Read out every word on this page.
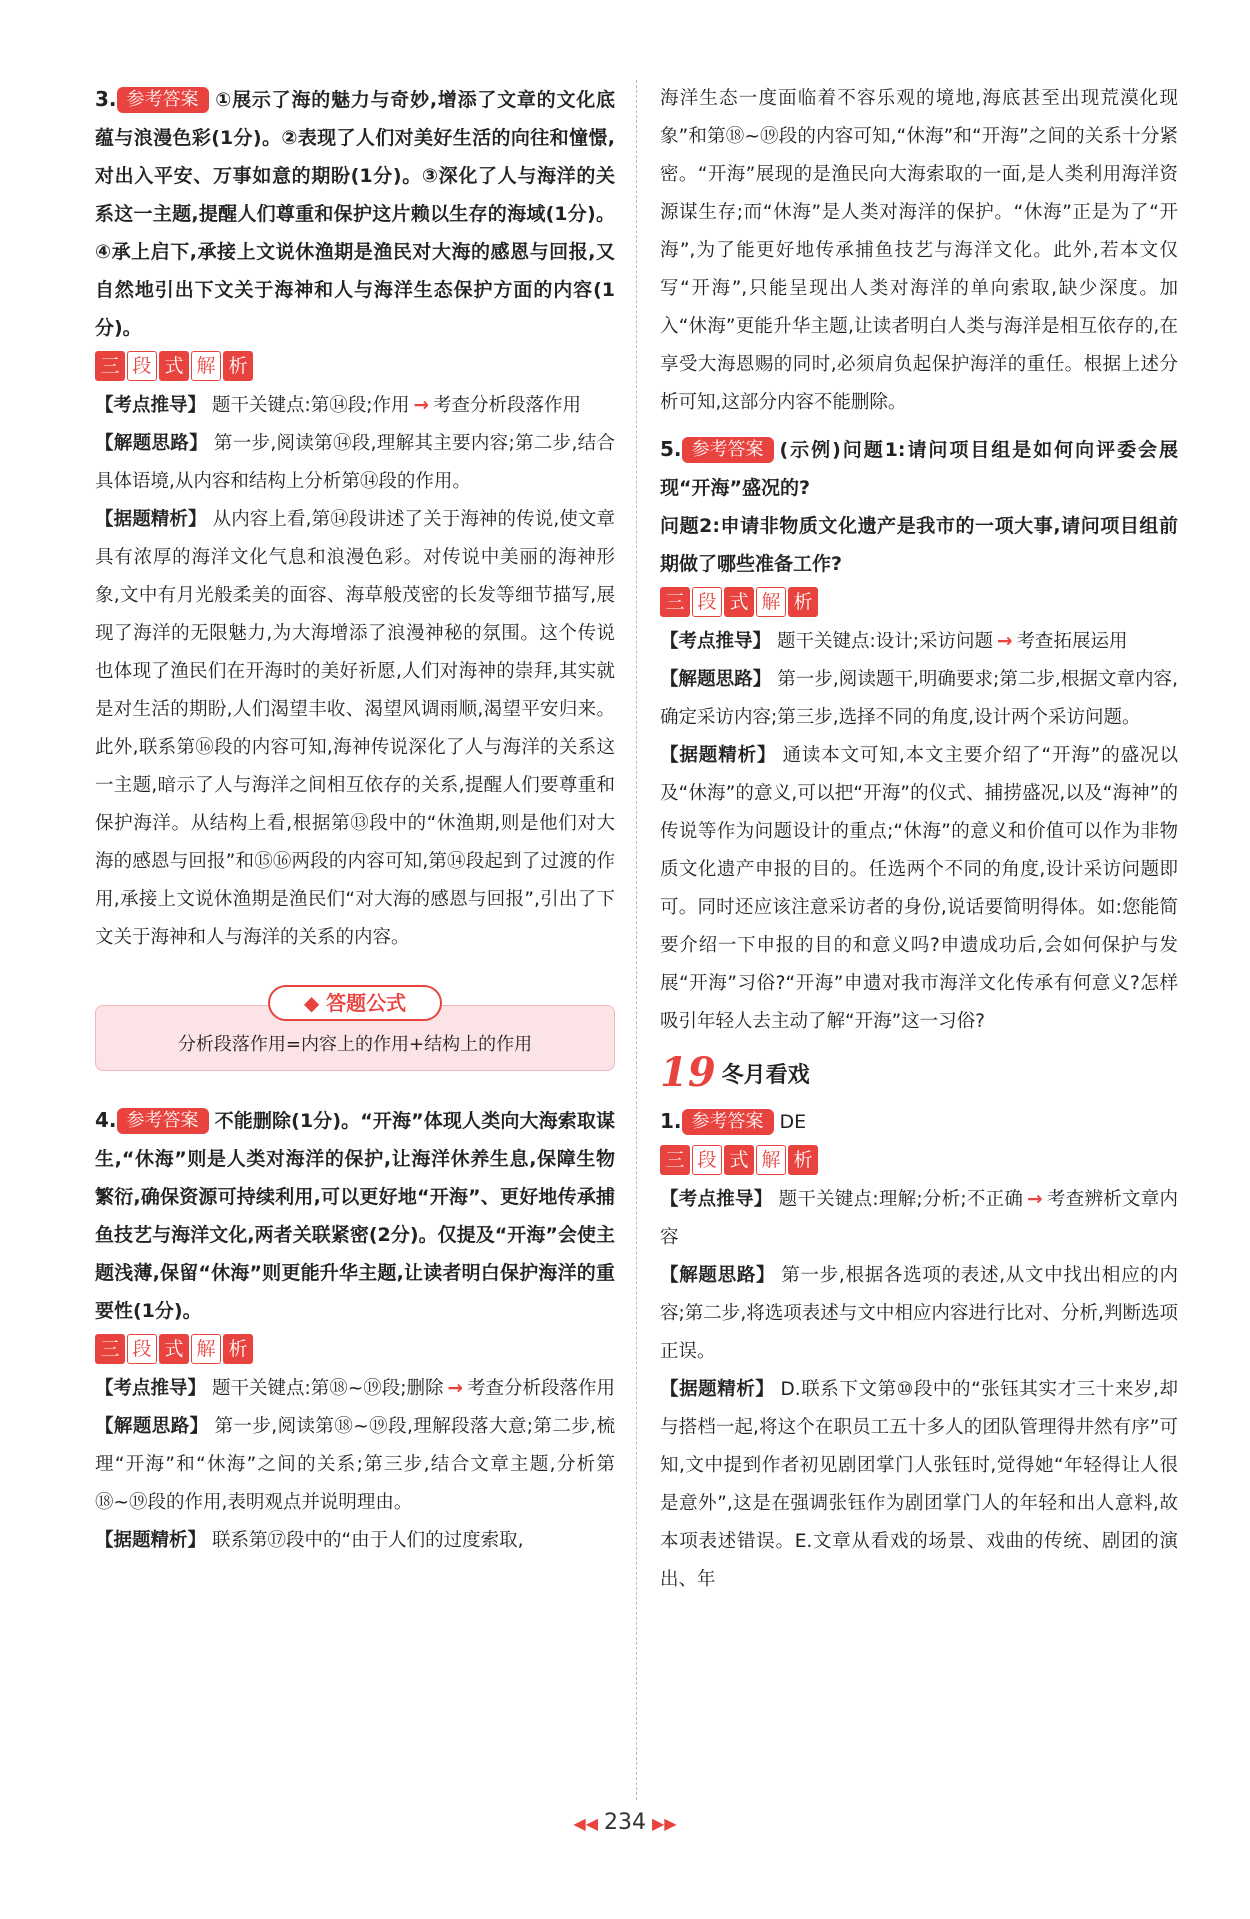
3. 参考答案 ①展示了海的魅力与奇妙,增添了文章的文化底蕴与浪漫色彩(1分)。②表现了人们对美好生活的向往和憧憬,对出入平安、万事如意的期盼(1分)。③深化了人与海洋的关系这一主题,提醒人们尊重和保护这片赖以生存的海域(1分)。④承上启下,承接上文说休渔期是渔民对大海的感恩与回报,又自然地引出下文关于海神和人与海洋生态保护方面的内容(1分)。

三 段 式 解 析

【考点推导】 题干关键点:第⑭段;作用 → 考查分析段落作用

【解题思路】 第一步,阅读第⑭段,理解其主要内容;第二步,结合具体语境,从内容和结构上分析第⑭段的作用。

【据题精析】 从内容上看,第⑭段讲述了关于海神的传说,使文章具有浓厚的海洋文化气息和浪漫色彩。对传说中美丽的海神形象,文中有月光般柔美的面容、海草般茂密的长发等细节描写,展现了海洋的无限魅力,为大海增添了浪漫神秘的氛围。这个传说也体现了渔民们在开海时的美好祈愿,人们对海神的崇拜,其实就是对生活的期盼,人们渴望丰收、渴望风调雨顺,渴望平安归来。此外,联系第⑯段的内容可知,海神传说深化了人与海洋的关系这一主题,暗示了人与海洋之间相互依存的关系,提醒人们要尊重和保护海洋。从结构上看,根据第⑬段中的“休渔期,则是他们对大海的感恩与回报”和⑮⑯两段的内容可知,第⑭段起到了过渡的作用,承接上文说休渔期是渔民们“对大海的感恩与回报”,引出了下文关于海神和人与海洋的关系的内容。

◆ 答题公式
分析段落作用=内容上的作用+结构上的作用

4. 参考答案 不能删除(1分)。“开海”体现人类向大海索取谋生,“休海”则是人类对海洋的保护,让海洋休养生息,保障生物繁衍,确保资源可持续利用,可以更好地“开海”、更好地传承捕鱼技艺与海洋文化,两者关联紧密(2分)。仅提及“开海”会使主题浅薄,保留“休海”则更能升华主题,让读者明白保护海洋的重要性(1分)。

三 段 式 解 析

【考点推导】 题干关键点:第⑱~⑲段;删除 → 考查分析段落作用

【解题思路】 第一步,阅读第⑱~⑲段,理解段落大意;第二步,梳理“开海”和“休海”之间的关系;第三步,结合文章主题,分析第⑱~⑲段的作用,表明观点并说明理由。

【据题精析】 联系第⑰段中的“由于人们的过度索取,

海洋生态一度面临着不容乐观的境地,海底甚至出现荒漠化现象”和第⑱~⑲段的内容可知,“休海”和“开海”之间的关系十分紧密。“开海”展现的是渔民向大海索取的一面,是人类利用海洋资源谋生存;而“休海”是人类对海洋的保护。“休海”正是为了“开海”,为了能更好地传承捕鱼技艺与海洋文化。此外,若本文仅写“开海”,只能呈现出人类对海洋的单向索取,缺少深度。加入“休海”更能升华主题,让读者明白人类与海洋是相互依存的,在享受大海恩赐的同时,必须肩负起保护海洋的重任。根据上述分析可知,这部分内容不能删除。

5. 参考答案 (示例)问题1:请问项目组是如何向评委会展现“开海”盛况的?

问题2:申请非物质文化遗产是我市的一项大事,请问项目组前期做了哪些准备工作?

三 段 式 解 析

【考点推导】 题干关键点:设计;采访问题 → 考查拓展运用

【解题思路】 第一步,阅读题干,明确要求;第二步,根据文章内容,确定采访内容;第三步,选择不同的角度,设计两个采访问题。

【据题精析】 通读本文可知,本文主要介绍了“开海”的盛况以及“休海”的意义,可以把“开海”的仪式、捕捞盛况,以及“海神”的传说等作为问题设计的重点;“休海”的意义和价值可以作为非物质文化遗产申报的目的。任选两个不同的角度,设计采访问题即可。同时还应该注意采访者的身份,说话要简明得体。如:您能简要介绍一下申报的目的和意义吗?申遗成功后,会如何保护与发展“开海”习俗?“开海”申遗对我市海洋文化传承有何意义?怎样吸引年轻人去主动了解“开海”这一习俗?

19 冬月看戏

1. 参考答案 DE

三 段 式 解 析

【考点推导】 题干关键点:理解;分析;不正确 → 考查辨析文章内容

【解题思路】 第一步,根据各选项的表述,从文中找出相应的内容;第二步,将选项表述与文中相应内容进行比对、分析,判断选项正误。

【据题精析】 D.联系下文第⑩段中的“张钰其实才三十来岁,却与搭档一起,将这个在职员工五十多人的团队管理得井然有序”可知,文中提到作者初见剧团掌门人张钰时,觉得她“年轻得让人很是意外”,这是在强调张钰作为剧团掌门人的年轻和出人意料,故本项表述错误。E.文章从看戏的场景、戏曲的传统、剧团的演出、年

◀◀ 234 ▶▶
